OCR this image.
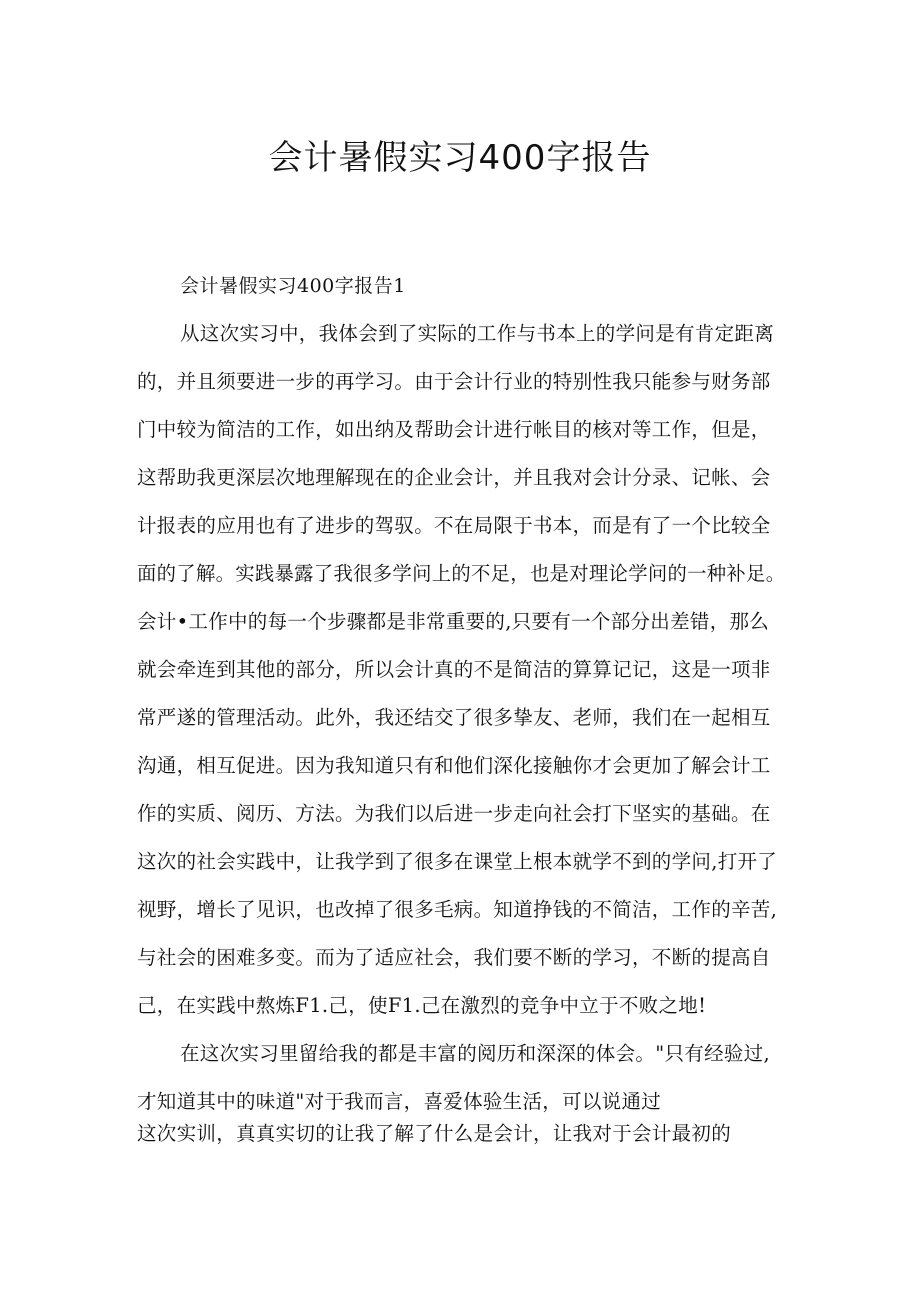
会计暑假实习400字报告
会计暑假实习400字报告1
从这次实习中，我体会到了实际的工作与书本上的学问是有肯定距离
的，并且须要进一步的再学习。由于会计行业的特别性我只能参与财务部
门中较为简洁的工作，如出纳及帮助会计进行帐目的核对等工作，但是，
这帮助我更深层次地理解现在的企业会计，并且我对会计分录、记帐、会
计报表的应用也有了进步的驾驭。不在局限于书本，而是有了一个比较全
面的了解。实践暴露了我很多学问上的不足，也是对理论学问的一种补足。
会计•工作中的每一个步骤都是非常重要的,只要有一个部分出差错，那么
就会牵连到其他的部分，所以会计真的不是简洁的算算记记，这是一项非
常严遂的管理活动。此外，我还结交了很多挚友、老师，我们在一起相互
沟通，相互促进。因为我知道只有和他们深化接触你才会更加了解会计工
作的实质、阅历、方法。为我们以后进一步走向社会打下坚实的基础。在
这次的社会实践中，让我学到了很多在课堂上根本就学不到的学问,打开了
视野，增长了见识，也改掉了很多毛病。知道挣钱的不简洁，工作的辛苦,
与社会的困难多变。而为了适应社会，我们要不断的学习，不断的提高自
己，在实践中熬炼F1.己，使F1.己在激烈的竞争中立于不败之地!
在这次实习里留给我的都是丰富的阅历和深深的体会。"只有经验过,
才知道其中的味道"对于我而言，喜爱体验生活，可以说通过
这次实训，真真实切的让我了解了什么是会计，让我对于会计最初的
